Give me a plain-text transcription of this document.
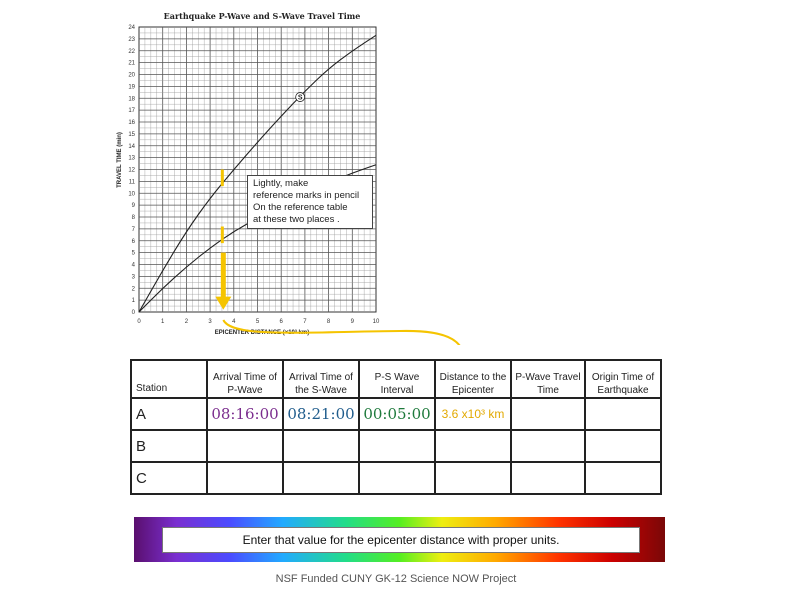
S
0	1	2	3	4	5	6	7	8	9	10
0
1
2
3
4
5
6
7
8
9
10
11
12
13
14
15
16
17
18
19
20
21
22
23
24
Earthquake P-Wave and S-Wave Travel Time
EPICENTER DISTANCE (×10³ km)
TRAVEL TIME (min)	Lightly, make
reference marks in pencil
On the reference table
at these two places .
Station	Arrival Time of P-Wave	Arrival Time of the S-Wave	P-S Wave Interval	Distance to the Epicenter	P-Wave Travel Time	Origin Time of Earthquake
A	08:16:00	08:21:00	00:05:00	3.6 x10³ km		
B						
C						
Enter that value for the epicenter distance with proper units.
NSF Funded CUNY GK-12 Science NOW Project
